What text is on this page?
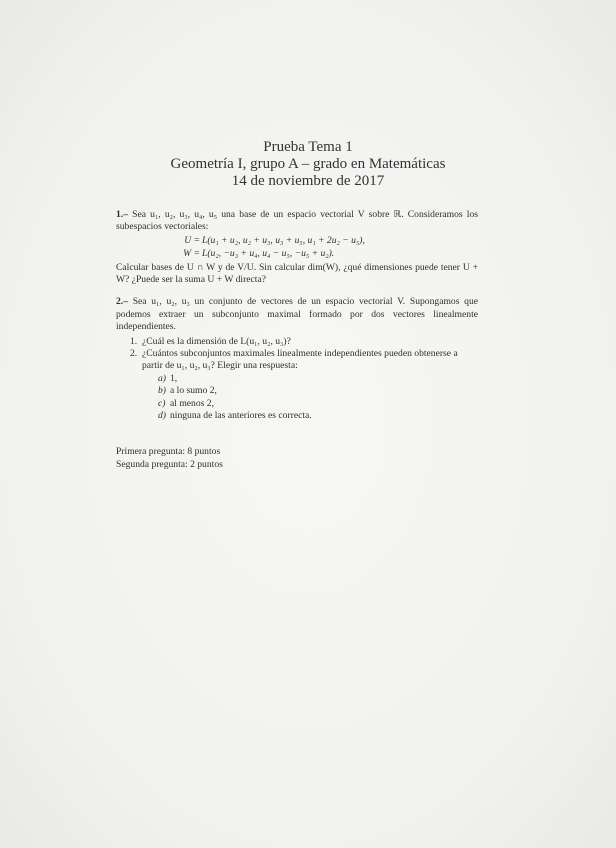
Prueba Tema 1
Geometría I, grupo A – grado en Matemáticas
14 de noviembre de 2017
1.– Sea u₁, u₂, u₃, u₄, u₅ una base de un espacio vectorial V sobre ℝ. Consideramos los subespacios vectoriales:
U = L(u₁ + u₂, u₂ + u₃, u₃ + u₅, u₁ + 2u₂ − u₅),
W = L(u₂, −u₃ + u₄, u₄ − u₅, −u₅ + u₂).
Calcular bases de U ∩ W y de V/U. Sin calcular dim(W), ¿qué dimensiones puede tener U + W? ¿Puede ser la suma U + W directa?
2.– Sea u₁, u₂, u₃ un conjunto de vectores de un espacio vectorial V. Supongamos que podemos extraer un subconjunto maximal formado por dos vectores linealmente independientes.
1. ¿Cuál es la dimensión de L(u₁, u₂, u₃)?
2. ¿Cuántos subconjuntos maximales linealmente independientes pueden obtenerse a partir de u₁, u₂, u₃? Elegir una respuesta:
a) 1,
b) a lo sumo 2,
c) al menos 2,
d) ninguna de las anteriores es correcta.
Primera pregunta: 8 puntos
Segunda pregunta: 2 puntos
